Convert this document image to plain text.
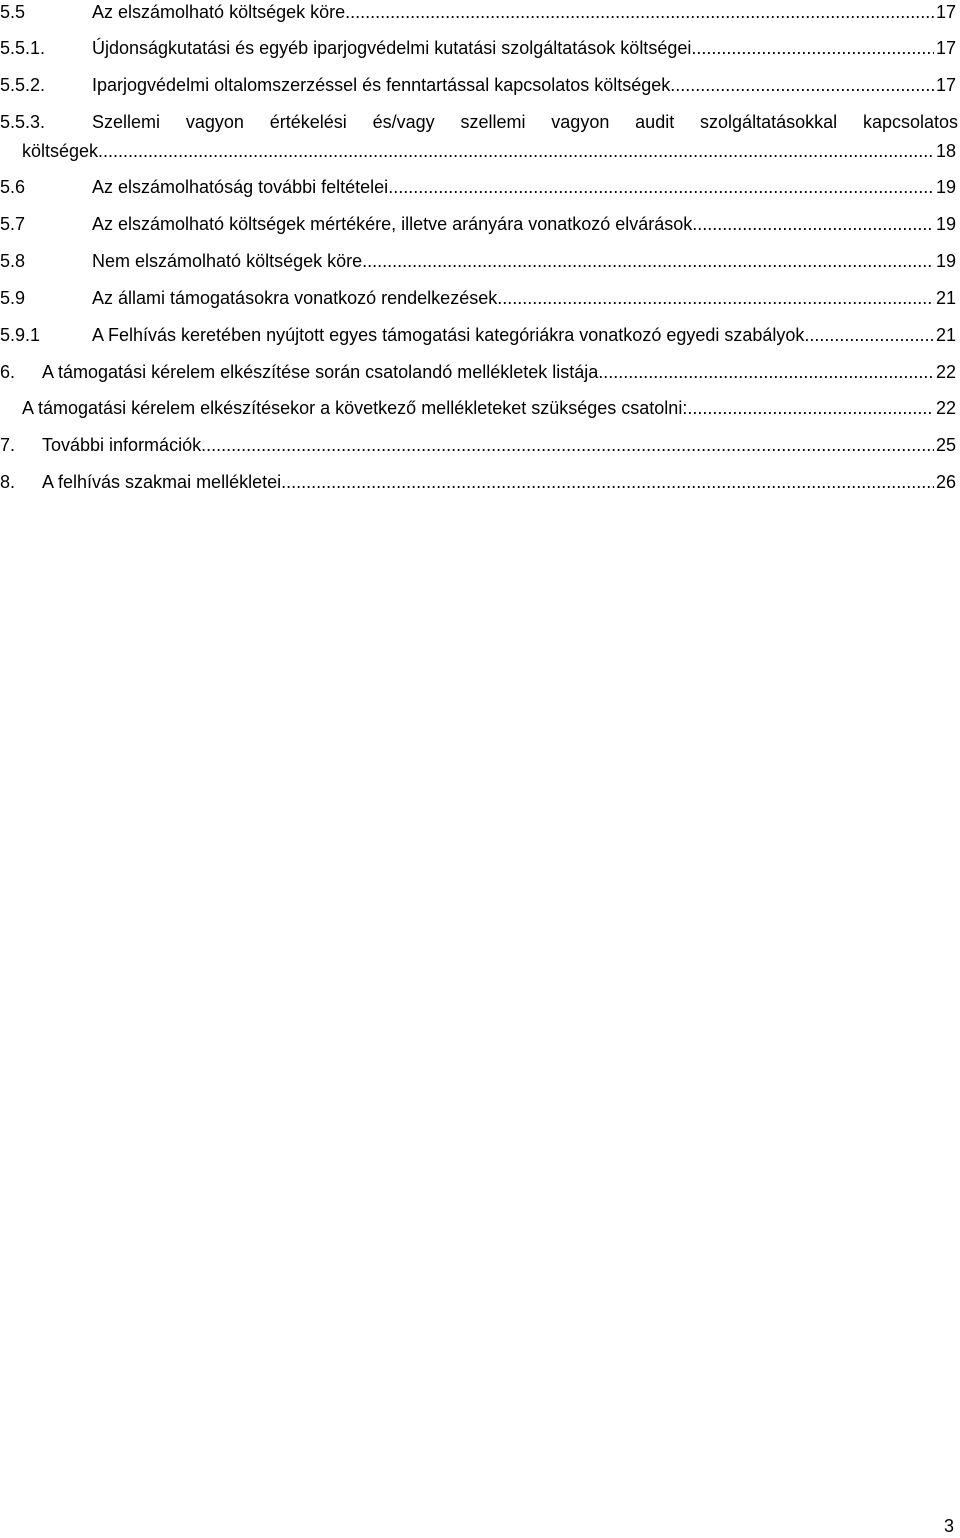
5.5	Az elszámolható költségek köre .....	17
5.5.1.	Újdonságkutatási és egyéb iparjogvédelmi kutatási szolgáltatások költségei .....	17
5.5.2.	Iparjogvédelmi oltalomszerzéssel és fenntartással kapcsolatos költségek .....	17
5.5.3.	Szellemi vagyon értékelési és/vagy szellemi vagyon audit szolgáltatásokkal kapcsolatos
költségek .....	18
5.6	Az elszámolhatóság további feltételei .....	19
5.7	Az elszámolható költségek mértékére, illetve arányára vonatkozó elvárások .....	19
5.8	Nem elszámolható költségek köre .....	19
5.9	Az állami támogatásokra vonatkozó rendelkezések .....	21
5.9.1	A Felhívás keretében nyújtott egyes támogatási kategóriákra vonatkozó egyedi szabályok .....	21
6. A támogatási kérelem elkészítése során csatolandó mellékletek listája .....	22
A támogatási kérelem elkészítésekor a következő mellékleteket szükséges csatolni: .....	22
7. További információk .....	25
8. A felhívás szakmai mellékletei .....	26
3
